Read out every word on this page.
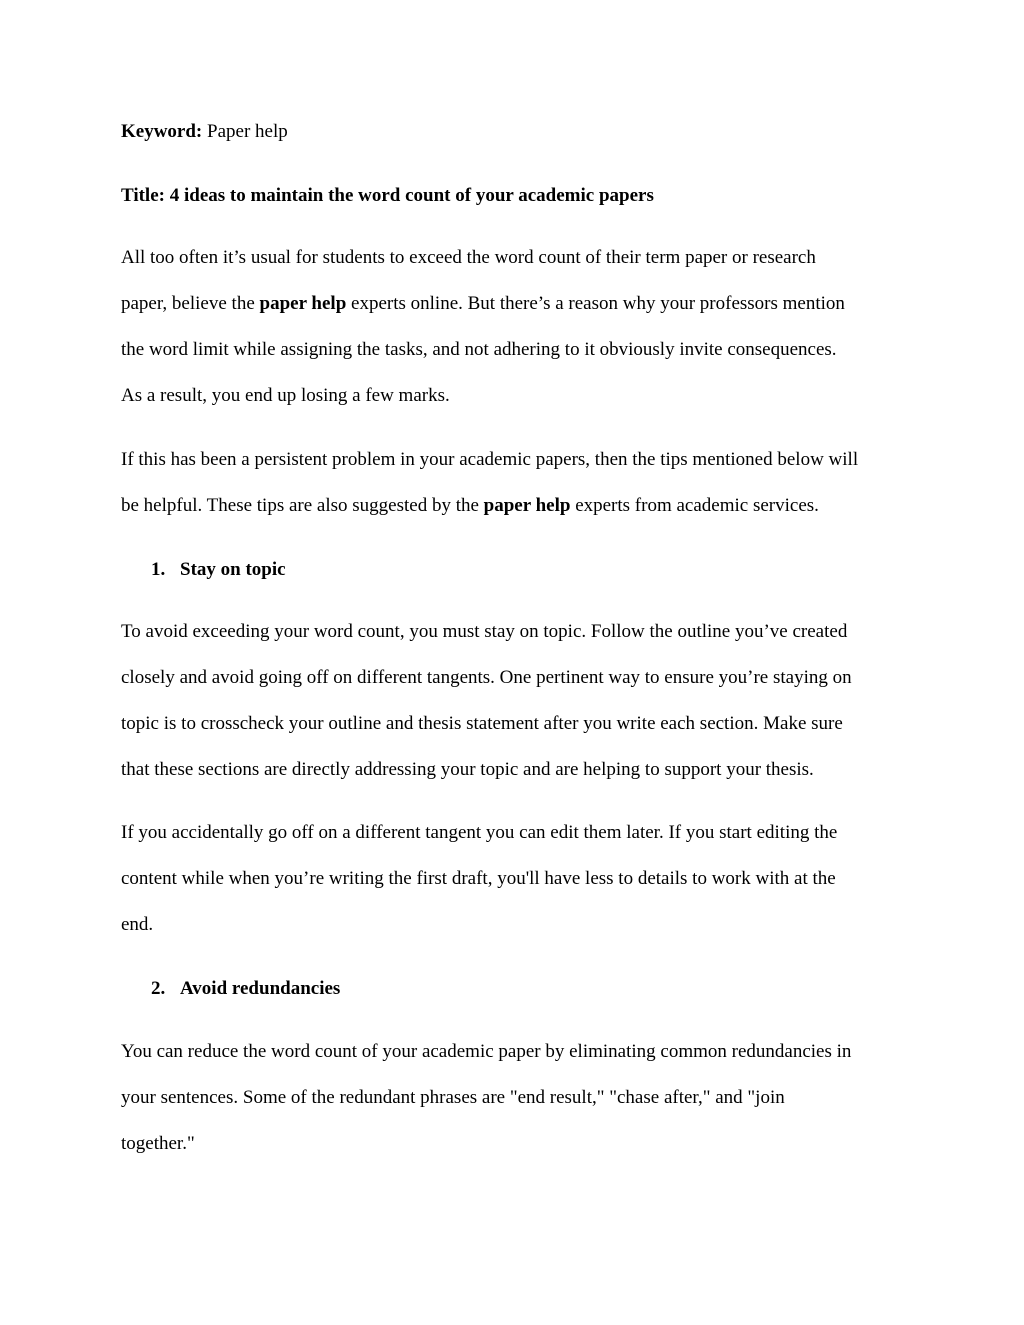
Keyword: Paper help
Title: 4 ideas to maintain the word count of your academic papers
All too often it’s usual for students to exceed the word count of their term paper or research
paper, believe the paper help experts online. But there’s a reason why your professors mention
the word limit while assigning the tasks, and not adhering to it obviously invite consequences.
As a result, you end up losing a few marks.
If this has been a persistent problem in your academic papers, then the tips mentioned below will
be helpful. These tips are also suggested by the paper help experts from academic services.
1. Stay on topic
To avoid exceeding your word count, you must stay on topic. Follow the outline you’ve created
closely and avoid going off on different tangents. One pertinent way to ensure you’re staying on
topic is to crosscheck your outline and thesis statement after you write each section. Make sure
that these sections are directly addressing your topic and are helping to support your thesis.
If you accidentally go off on a different tangent you can edit them later. If you start editing the
content while when you’re writing the first draft, you'll have less to details to work with at the
end.
2. Avoid redundancies
You can reduce the word count of your academic paper by eliminating common redundancies in
your sentences. Some of the redundant phrases are "end result," "chase after," and "join
together."
